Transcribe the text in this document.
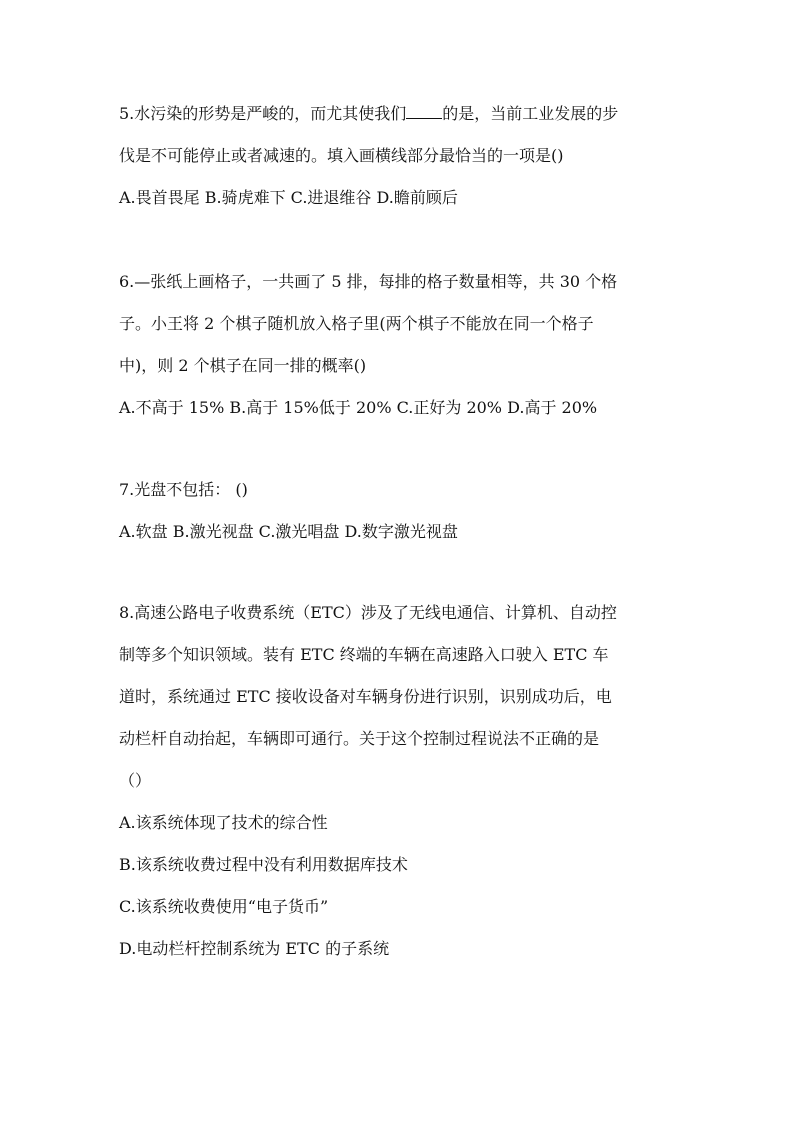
5.水污染的形势是严峻的，而尤其使我们 的是，当前工业发展的步

伐是不可能停止或者减速的。填入画横线部分最恰当的一项是()

A.畏首畏尾 B.骑虎难下 C.进退维谷 D.瞻前顾后

6.—张纸上画格子，一共画了 5 排，每排的格子数量相等，共 30 个格

子。小王将 2 个棋子随机放入格子里(两个棋子不能放在同一个格子

中)，则 2 个棋子在同一排的概率()

A.不高于 15% B.高于 15%低于 20% C.正好为 20% D.高于 20%

7.光盘不包括： ()

A.软盘 B.激光视盘 C.激光唱盘 D.数字激光视盘

8.高速公路电子收费系统（ETC）涉及了无线电通信、计算机、自动控

制等多个知识领域。装有 ETC 终端的车辆在高速路入口驶入 ETC 车

道时，系统通过 ETC 接收设备对车辆身份进行识别，识别成功后，电

动栏杆自动抬起，车辆即可通行。关于这个控制过程说法不正确的是

（）

A.该系统体现了技术的综合性

B.该系统收费过程中没有利用数据库技术

C.该系统收费使用“电子货币”

D.电动栏杆控制系统为 ETC 的子系统
